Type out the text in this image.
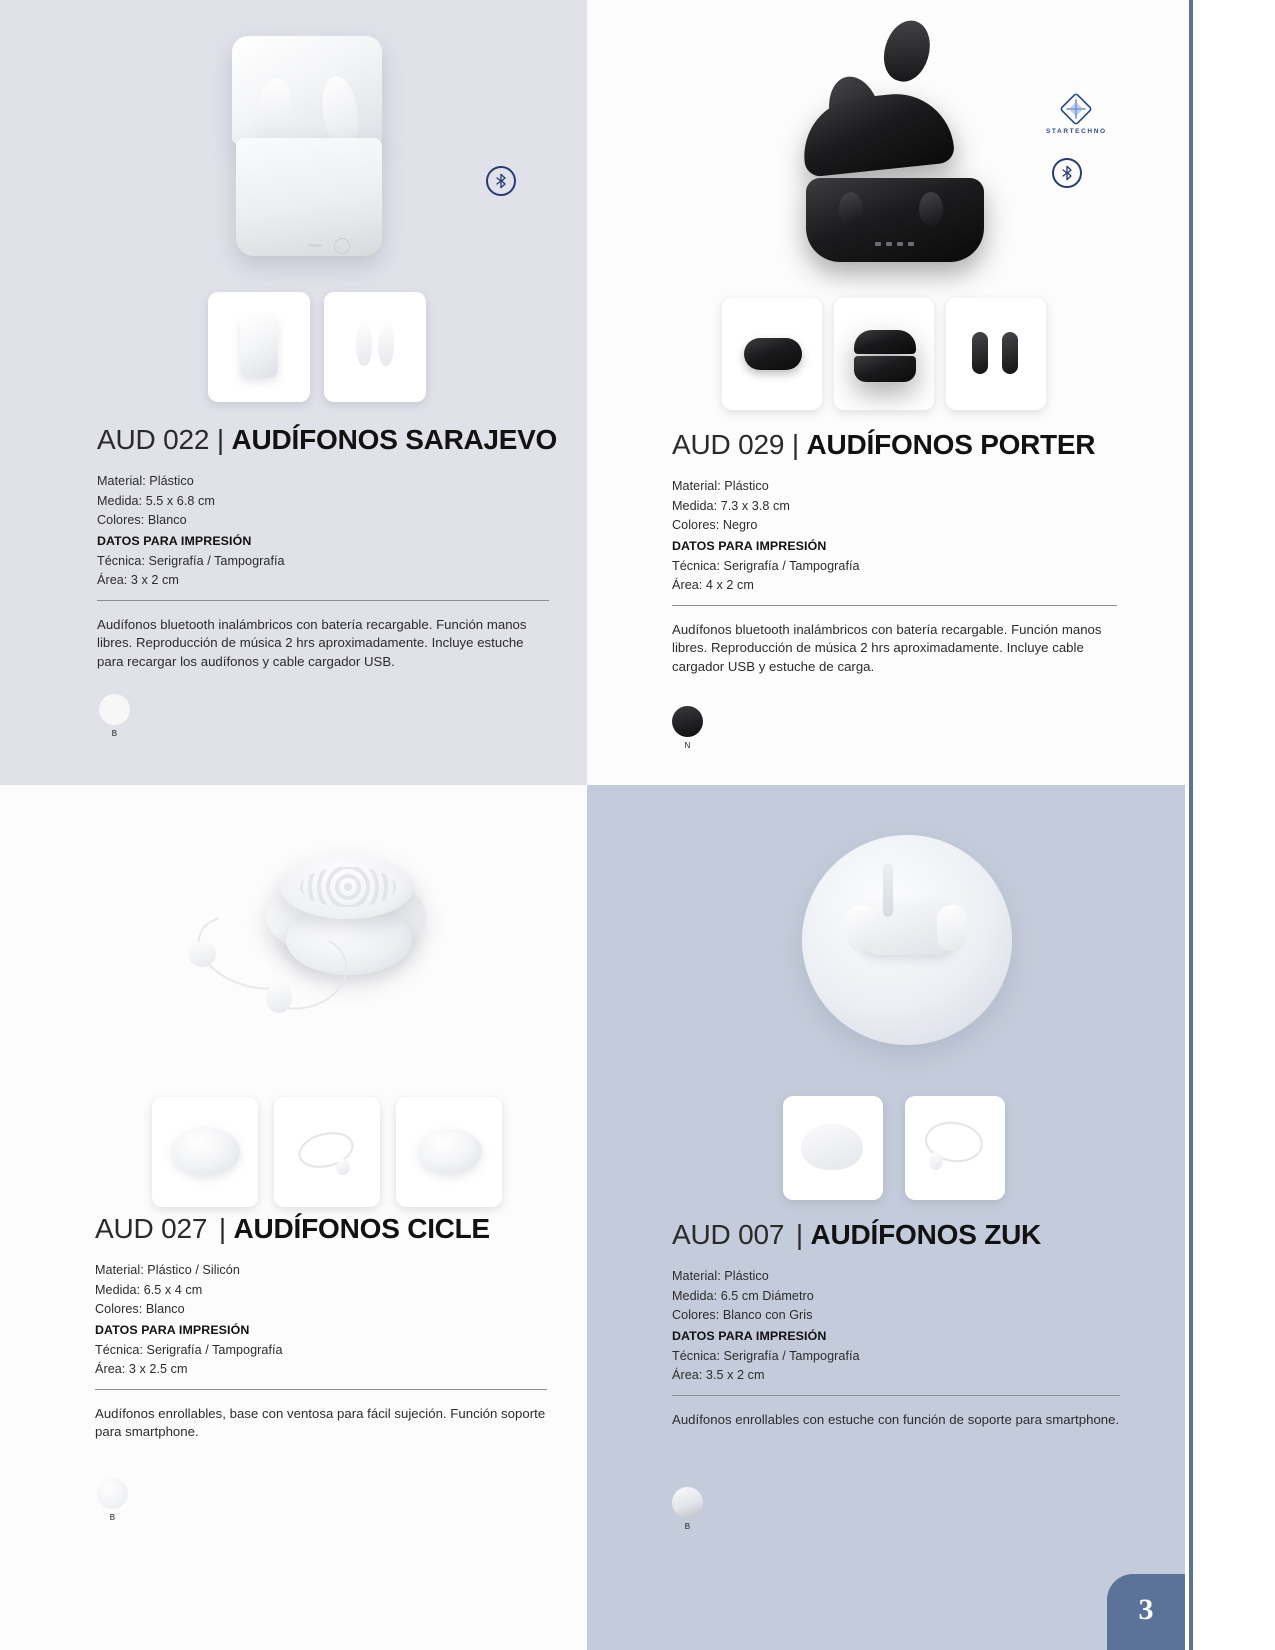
AUD 022 | AUDÍFONOS SARAJEVO
Material: Plástico
Medida: 5.5 x 6.8 cm
Colores: Blanco
DATOS PARA IMPRESIÓN
Técnica: Serigrafía / Tampografía
Área: 3 x 2 cm
Audífonos bluetooth inalámbricos con batería recargable. Función manos libres. Reproducción de música 2 hrs aproximadamente. Incluye estuche para recargar los audífonos y cable cargador USB.
B
STARTECHNO
AUD 029 | AUDÍFONOS PORTER
Material: Plástico
Medida: 7.3 x 3.8 cm
Colores: Negro
DATOS PARA IMPRESIÓN
Técnica: Serigrafía / Tampografía
Área: 4 x 2 cm
Audífonos bluetooth inalámbricos con batería recargable. Función manos libres. Reproducción de música 2 hrs aproximadamente. Incluye cable cargador USB y estuche de carga.
N
AUD 027 | AUDÍFONOS CICLE
Material: Plástico / Silicón
Medida: 6.5 x 4 cm
Colores: Blanco
DATOS PARA IMPRESIÓN
Técnica: Serigrafía / Tampografía
Área: 3 x 2.5 cm
Audífonos enrollables, base con ventosa para fácil sujeción. Función soporte para smartphone.
B
AUD 007 | AUDÍFONOS ZUK
Material: Plástico
Medida: 6.5 cm Diámetro
Colores: Blanco con Gris
DATOS PARA IMPRESIÓN
Técnica: Serigrafía / Tampografía
Área: 3.5 x 2 cm
Audífonos enrollables con estuche con función de soporte para smartphone.
B
3
